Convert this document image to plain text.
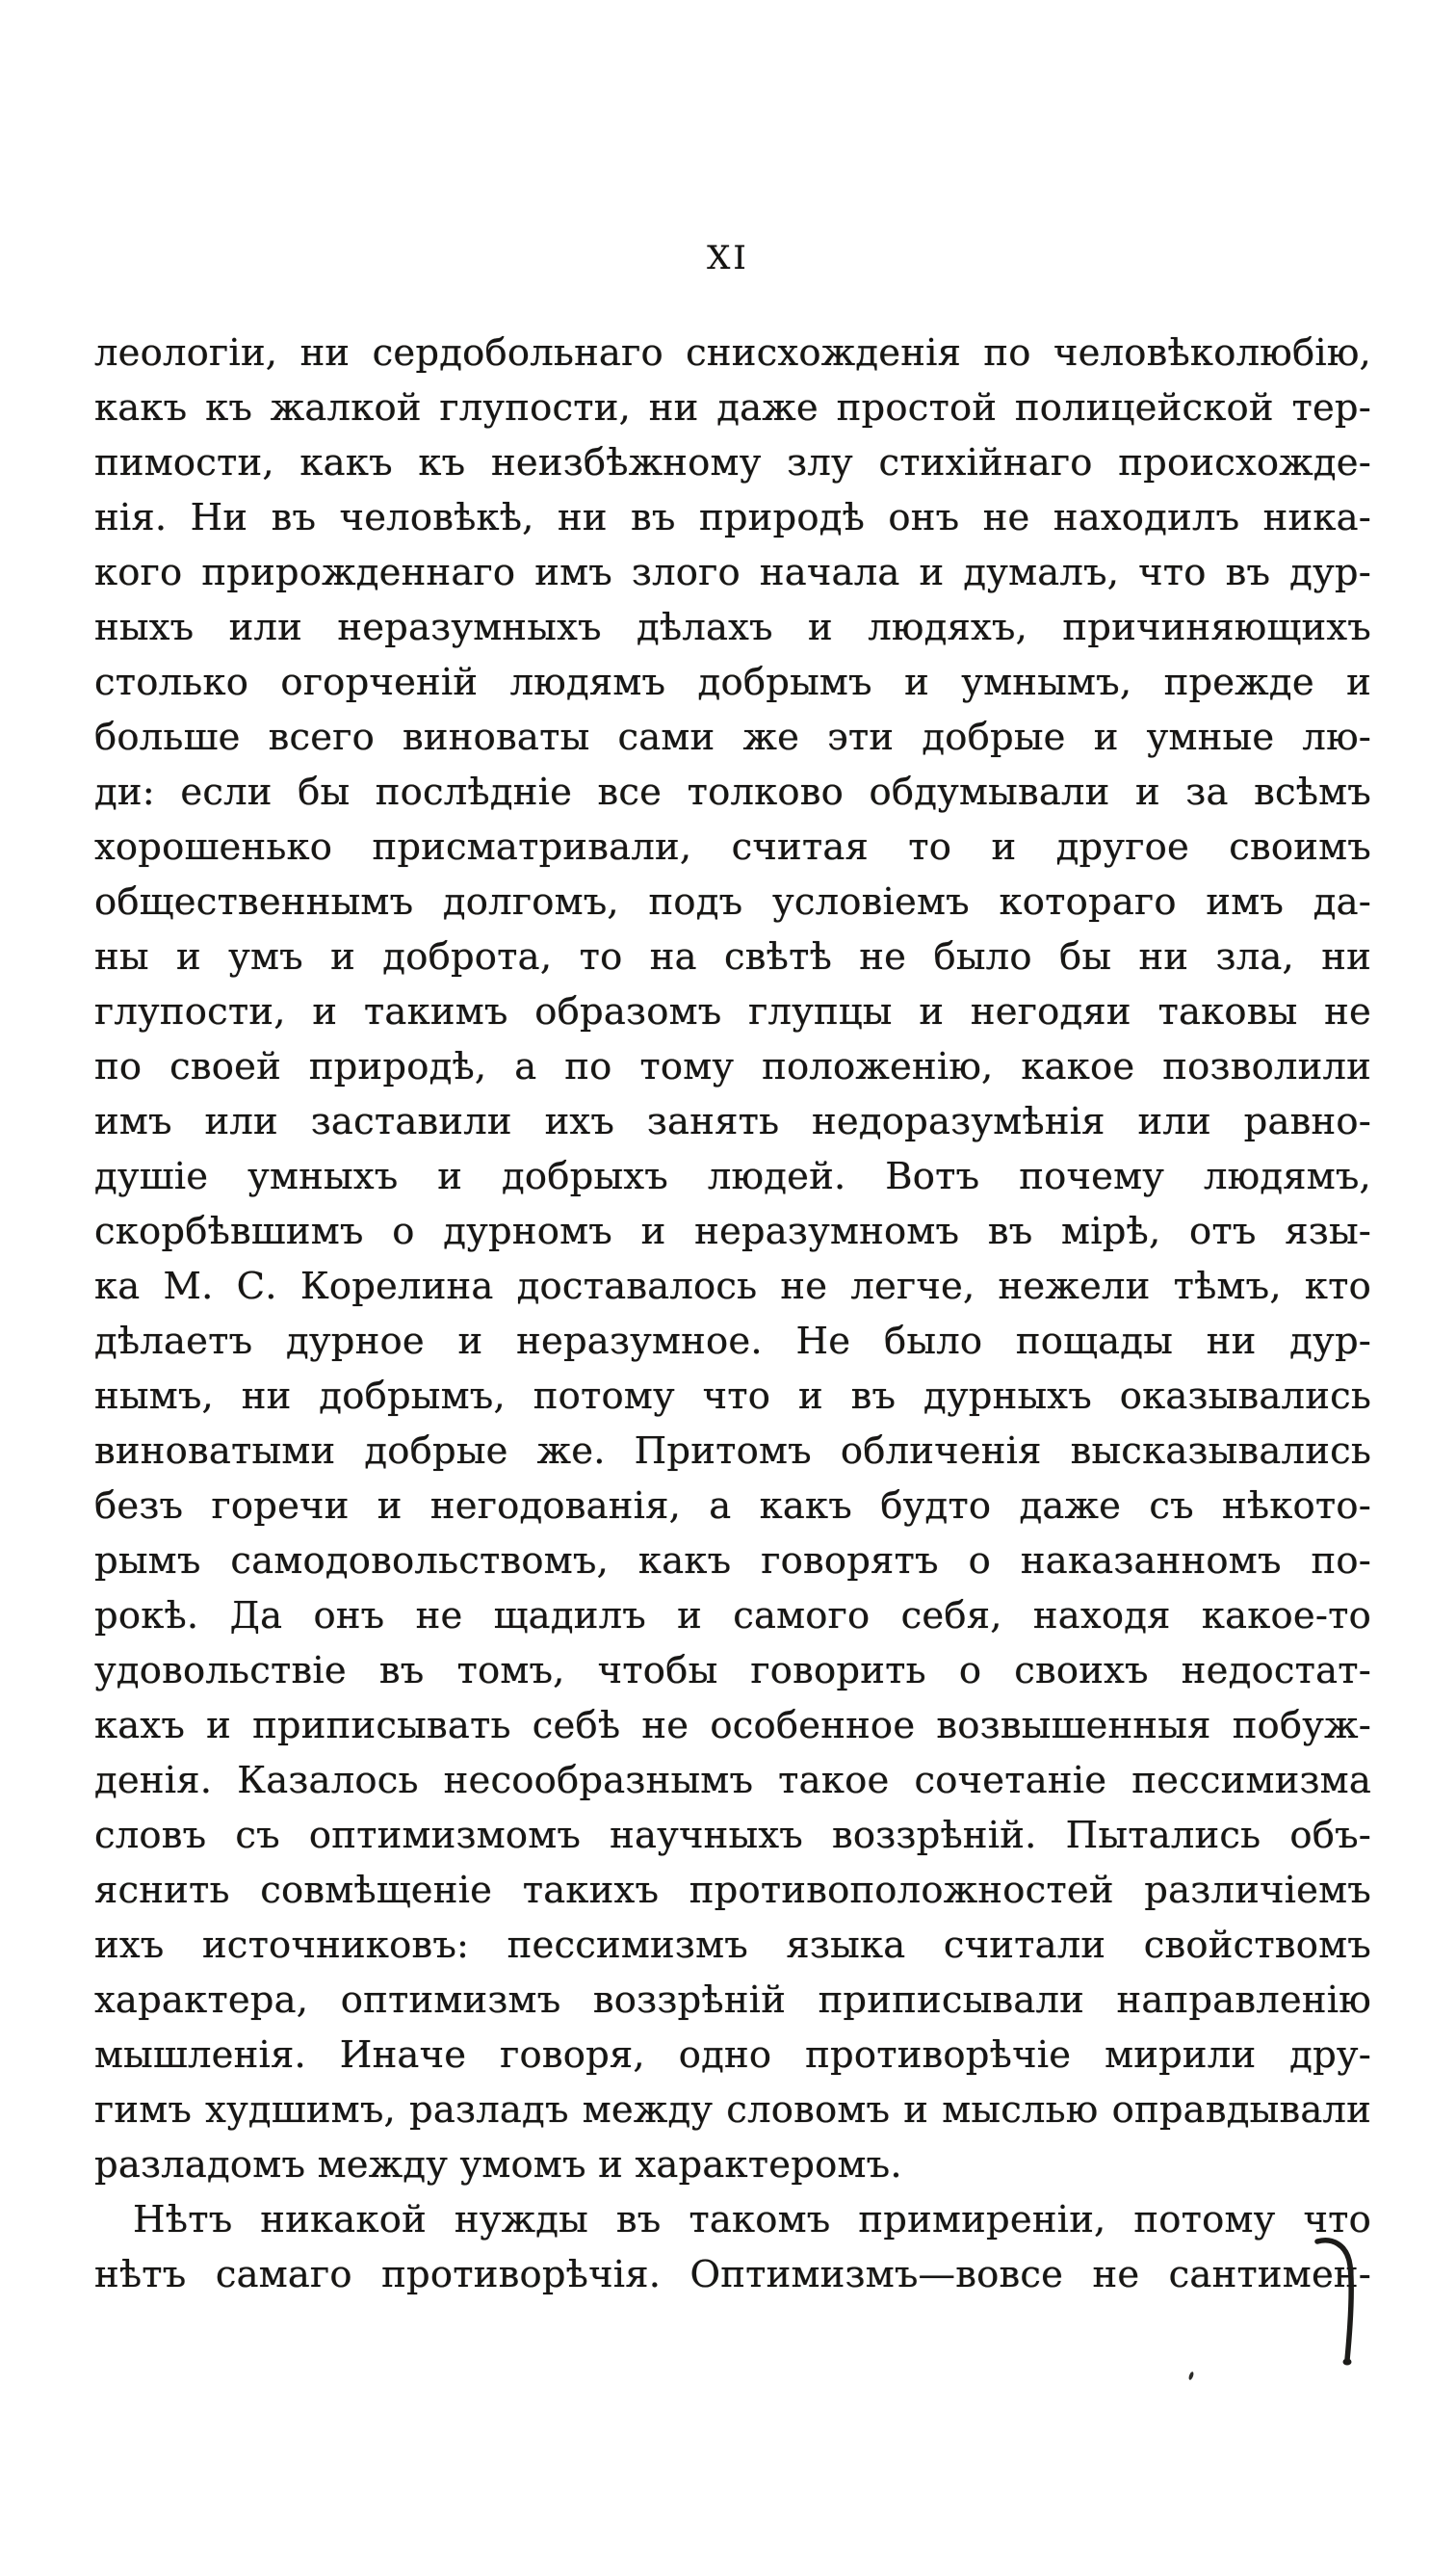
XI
леологіи, ни сердобольнаго снисхожденія по человѣколюбію,
какъ къ жалкой глупости, ни даже простой полицейской тер-
пимости, какъ къ неизбѣжному злу стихійнаго происхожде-
нія. Ни въ человѣкѣ, ни въ природѣ онъ не находилъ ника-
кого прирожденнаго имъ злого начала и думалъ, что въ дур-
ныхъ или неразумныхъ дѣлахъ и людяхъ, причиняющихъ
столько огорченій людямъ добрымъ и умнымъ, прежде и
больше всего виноваты сами же эти добрые и умные лю-
ди: если бы послѣдніе все толково обдумывали и за всѣмъ
хорошенько присматривали, считая то и другое своимъ
общественнымъ долгомъ, подъ условіемъ котораго имъ да-
ны и умъ и доброта, то на свѣтѣ не было бы ни зла, ни
глупости, и такимъ образомъ глупцы и негодяи таковы не
по своей природѣ, а по тому положенію, какое позволили
имъ или заставили ихъ занять недоразумѣнія или равно-
душіе умныхъ и добрыхъ людей. Вотъ почему людямъ,
скорбѣвшимъ о дурномъ и неразумномъ въ мірѣ, отъ язы-
ка М. С. Корелина доставалось не легче, нежели тѣмъ, кто
дѣлаетъ дурное и неразумное. Не было пощады ни дур-
нымъ, ни добрымъ, потому что и въ дурныхъ оказывались
виноватыми добрые же. Притомъ обличенія высказывались
безъ горечи и негодованія, а какъ будто даже съ нѣкото-
рымъ самодовольствомъ, какъ говорятъ о наказанномъ по-
рокѣ. Да онъ не щадилъ и самого себя, находя какое-то
удовольствіе въ томъ, чтобы говорить о своихъ недостат-
кахъ и приписывать себѣ не особенное возвышенныя побуж-
денія. Казалось несообразнымъ такое сочетаніе пессимизма
словъ съ оптимизмомъ научныхъ воззрѣній. Пытались объ-
яснить совмѣщеніе такихъ противоположностей различіемъ
ихъ источниковъ: пессимизмъ языка считали свойствомъ
характера, оптимизмъ воззрѣній приписывали направленію
мышленія. Иначе говоря, одно противорѣчіе мирили дру-
гимъ худшимъ, разладъ между словомъ и мыслью оправдывали
разладомъ между умомъ и характеромъ.
Нѣтъ никакой нужды въ такомъ примиреніи, потому что
нѣтъ самаго противорѣчія. Оптимизмъ—вовсе не сантимен-
